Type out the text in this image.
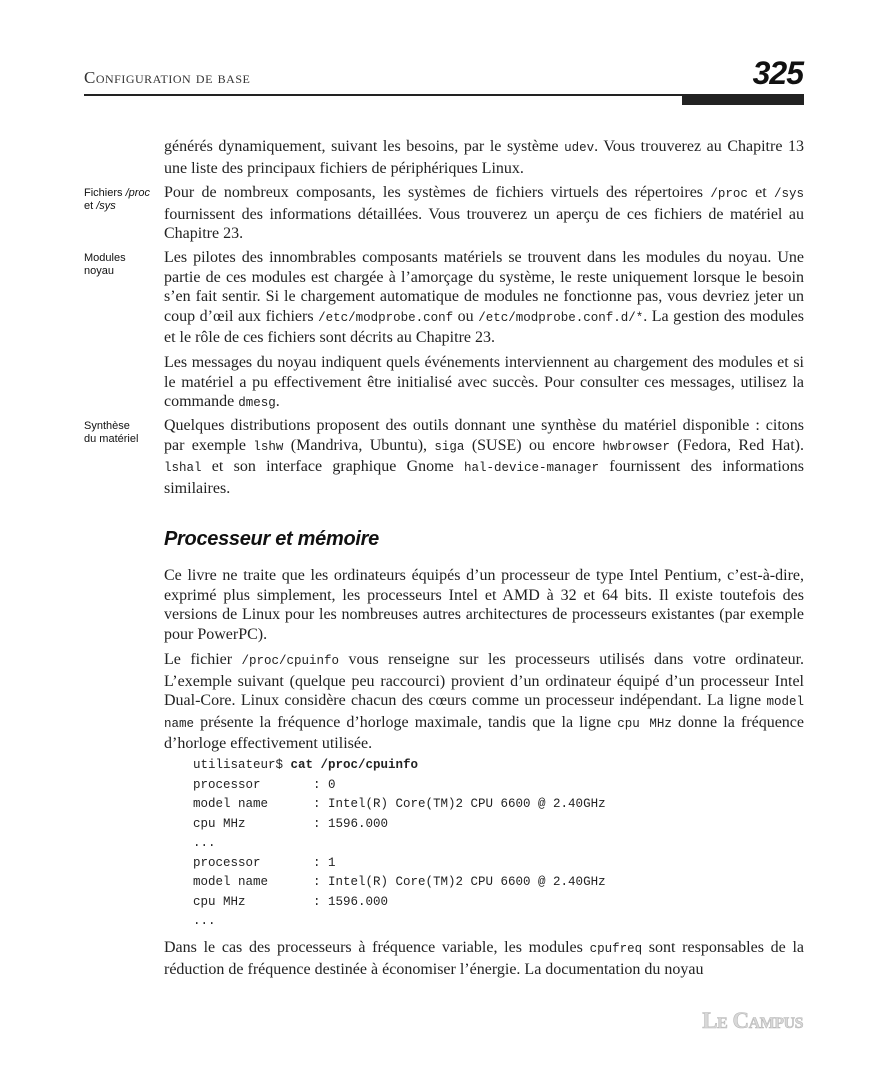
Configuration de base	325
Fichiers /proc
et /sys
Modules
noyau
Synthèse
du matériel

générés dynamiquement, suivant les besoins, par le système udev. Vous trouverez au Chapitre 13 une liste des principaux fichiers de périphériques Linux.

Pour de nombreux composants, les systèmes de fichiers virtuels des répertoires /proc et /sys fournissent des informations détaillées. Vous trouverez un aperçu de ces fichiers de matériel au Chapitre 23.

Les pilotes des innombrables composants matériels se trouvent dans les modules du noyau. Une partie de ces modules est chargée à l’amorçage du système, le reste uniquement lorsque le besoin s’en fait sentir. Si le chargement automatique de modules ne fonctionne pas, vous devriez jeter un coup d’œil aux fichiers /etc/modprobe.conf ou /etc/modprobe.conf.d/*. La gestion des modules et le rôle de ces fichiers sont décrits au Chapitre 23.

Les messages du noyau indiquent quels événements interviennent au chargement des modules et si le matériel a pu effectivement être initialisé avec succès. Pour consulter ces messages, utilisez la commande dmesg.

Quelques distributions proposent des outils donnant une synthèse du matériel disponible : citons par exemple lshw (Mandriva, Ubuntu), siga (SUSE) ou encore hwbrowser (Fedora, Red Hat). lshal et son interface graphique Gnome hal-device-manager fournissent des informations similaires.

Processeur et mémoire

Ce livre ne traite que les ordinateurs équipés d’un processeur de type Intel Pentium, c’est-à-dire, exprimé plus simplement, les processeurs Intel et AMD à 32 et 64 bits. Il existe toutefois des versions de Linux pour les nombreuses autres architectures de processeurs existantes (par exemple pour PowerPC).

Le fichier /proc/cpuinfo vous renseigne sur les processeurs utilisés dans votre ordinateur. L’exemple suivant (quelque peu raccourci) provient d’un ordinateur équipé d’un processeur Intel Dual-Core. Linux considère chacun des cœurs comme un processeur indépendant. La ligne model name présente la fréquence d’horloge maximale, tandis que la ligne cpu MHz donne la fréquence d’horloge effectivement utilisée.

utilisateur$ cat /proc/cpuinfo
processor       : 0
model name      : Intel(R) Core(TM)2 CPU 6600 @ 2.40GHz
cpu MHz         : 1596.000
...
processor       : 1
model name      : Intel(R) Core(TM)2 CPU 6600 @ 2.40GHz
cpu MHz         : 1596.000
...

Dans le cas des processeurs à fréquence variable, les modules cpufreq sont responsables de la réduction de fréquence destinée à économiser l’énergie. La documentation du noyau

Le Campus
